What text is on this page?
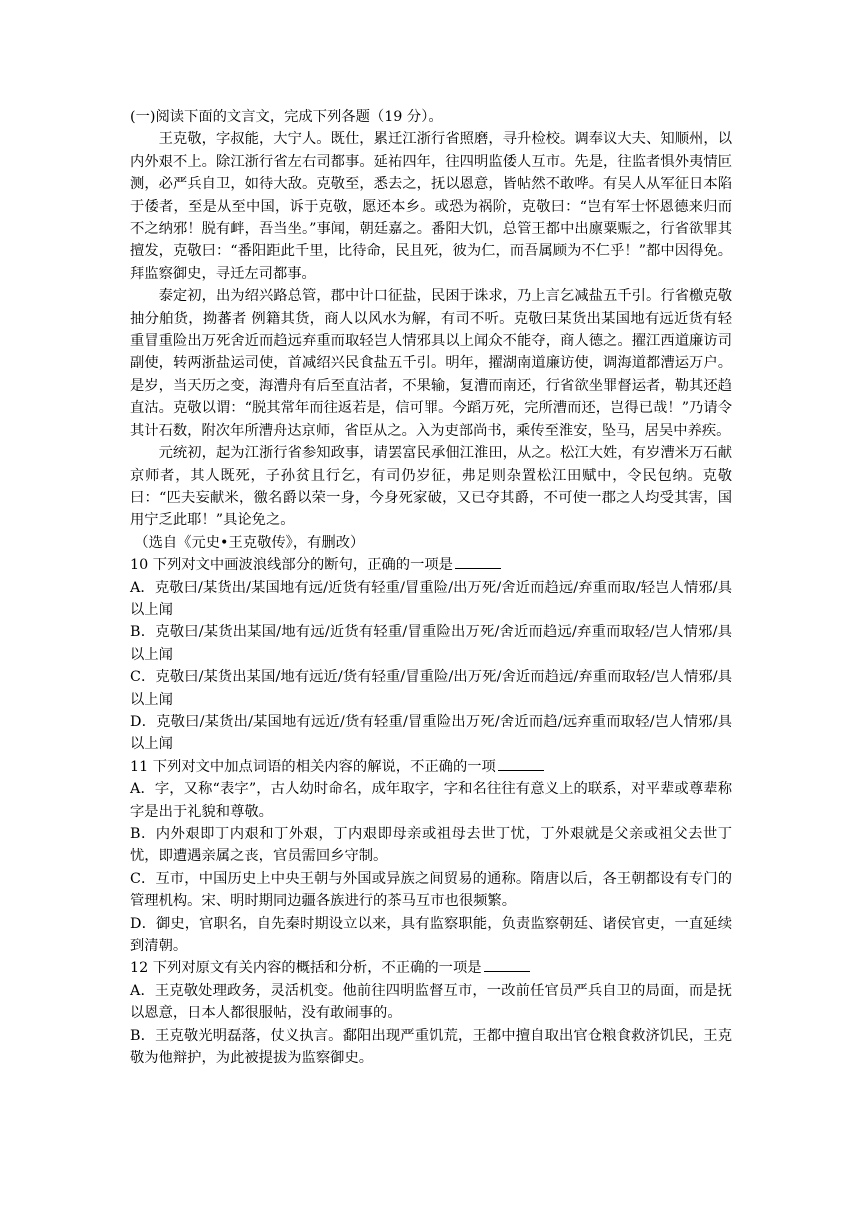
(一)阅读下面的文言文，完成下列各题（19 分）。

王克敬，字叔能，大宁人。既仕，累迁江浙行省照磨，寻升检校。调奉议大夫、知顺州，以内外艰不上。除江浙行省左右司都事。延祐四年，往四明监倭人互市。先是，往监者惧外夷情叵测，必严兵自卫，如待大敌。克敬至，悉去之，抚以恩意，皆帖然不敢哗。有吴人从军征日本陷于倭者，至是从至中国，诉于克敬，愿还本乡。或恐为祸阶，克敬曰：“岂有军士怀恩德来归而不之纳邪！脱有衅，吾当坐。”事闻，朝廷嘉之。番阳大饥，总管王都中出廪粟赈之，行省欲罪其擅发，克敬曰：“番阳距此千里，比待命，民且死，彼为仁，而吾属顾为不仁乎！”都中因得免。拜监察御史，寻迁左司都事。

泰定初，出为绍兴路总管，郡中计口征盐，民困于诛求，乃上言乞减盐五千引。行省檄克敬抽分舶货，拗蕃者 例籍其货，商人以风水为解，有司不听。克敬曰某货出某国地有远近货有轻重冒重险出万死舍近而趋远弃重而取轻岂人情邪具以上闻众不能夺，商人德之。擢江西道廉访司副使，转两浙盐运司使，首减绍兴民食盐五千引。明年，擢湖南道廉访使，调海道都漕运万户。是岁，当天历之变，海漕舟有后至直沽者，不果输，复漕而南还，行省欲坐罪督运者，勒其还趋直沽。克敬以谓：“脱其常年而往返若是，信可罪。今蹈万死，完所漕而还，岂得已哉！”乃请令其计石数，附次年所漕舟达京师，省臣从之。入为吏部尚书，乘传至淮安，坠马，居吴中养疾。

元统初，起为江浙行省参知政事，请罢富民承佃江淮田，从之。松江大姓，有岁漕米万石献京师者，其人既死，子孙贫且行乞，有司仍岁征，弗足则杂置松江田赋中，令民包纳。克敬曰：“匹夫妄献米，徼名爵以荣一身，今身死家破，又已夺其爵，不可使一郡之人均受其害，国用宁乏此耶！”具论免之。

（选自《元史•王克敬传》，有删改）

10 下列对文中画波浪线部分的断句，正确的一项是

A．克敬曰/某货出/某国地有远/近货有轻重/冒重险/出万死/舍近而趋远/弃重而取/轻岂人情邪/具以上闻

B．克敬曰/某货出某国/地有远/近货有轻重/冒重险出万死/舍近而趋远/弃重而取轻/岂人情邪/具以上闻

C．克敬曰/某货出某国/地有远近/货有轻重/冒重险/出万死/舍近而趋远/弃重而取轻/岂人情邪/具以上闻

D．克敬曰/某货出/某国地有远近/货有轻重/冒重险出万死/舍近而趋/远弃重而取轻/岂人情邪/具以上闻

11 下列对文中加点词语的相关内容的解说，不正确的一项

A．字，又称“表字”，古人幼时命名，成年取字，字和名往往有意义上的联系，对平辈或尊辈称字是出于礼貌和尊敬。

B．内外艰即丁内艰和丁外艰，丁内艰即母亲或祖母去世丁忧，丁外艰就是父亲或祖父去世丁忧，即遭遇亲属之丧，官员需回乡守制。

C．互市，中国历史上中央王朝与外国或异族之间贸易的通称。隋唐以后，各王朝都设有专门的管理机构。宋、明时期同边疆各族进行的茶马互市也很频繁。

D．御史，官职名，自先秦时期设立以来，具有监察职能，负责监察朝廷、诸侯官吏，一直延续到清朝。

12 下列对原文有关内容的概括和分析，不正确的一项是

A．王克敬处理政务，灵活机变。他前往四明监督互市，一改前任官员严兵自卫的局面，而是抚以恩意，日本人都很服帖，没有敢闹事的。

B．王克敬光明磊落，仗义执言。鄱阳出现严重饥荒，王都中擅自取出官仓粮食救济饥民，王克敬为他辩护，为此被提拔为监察御史。
